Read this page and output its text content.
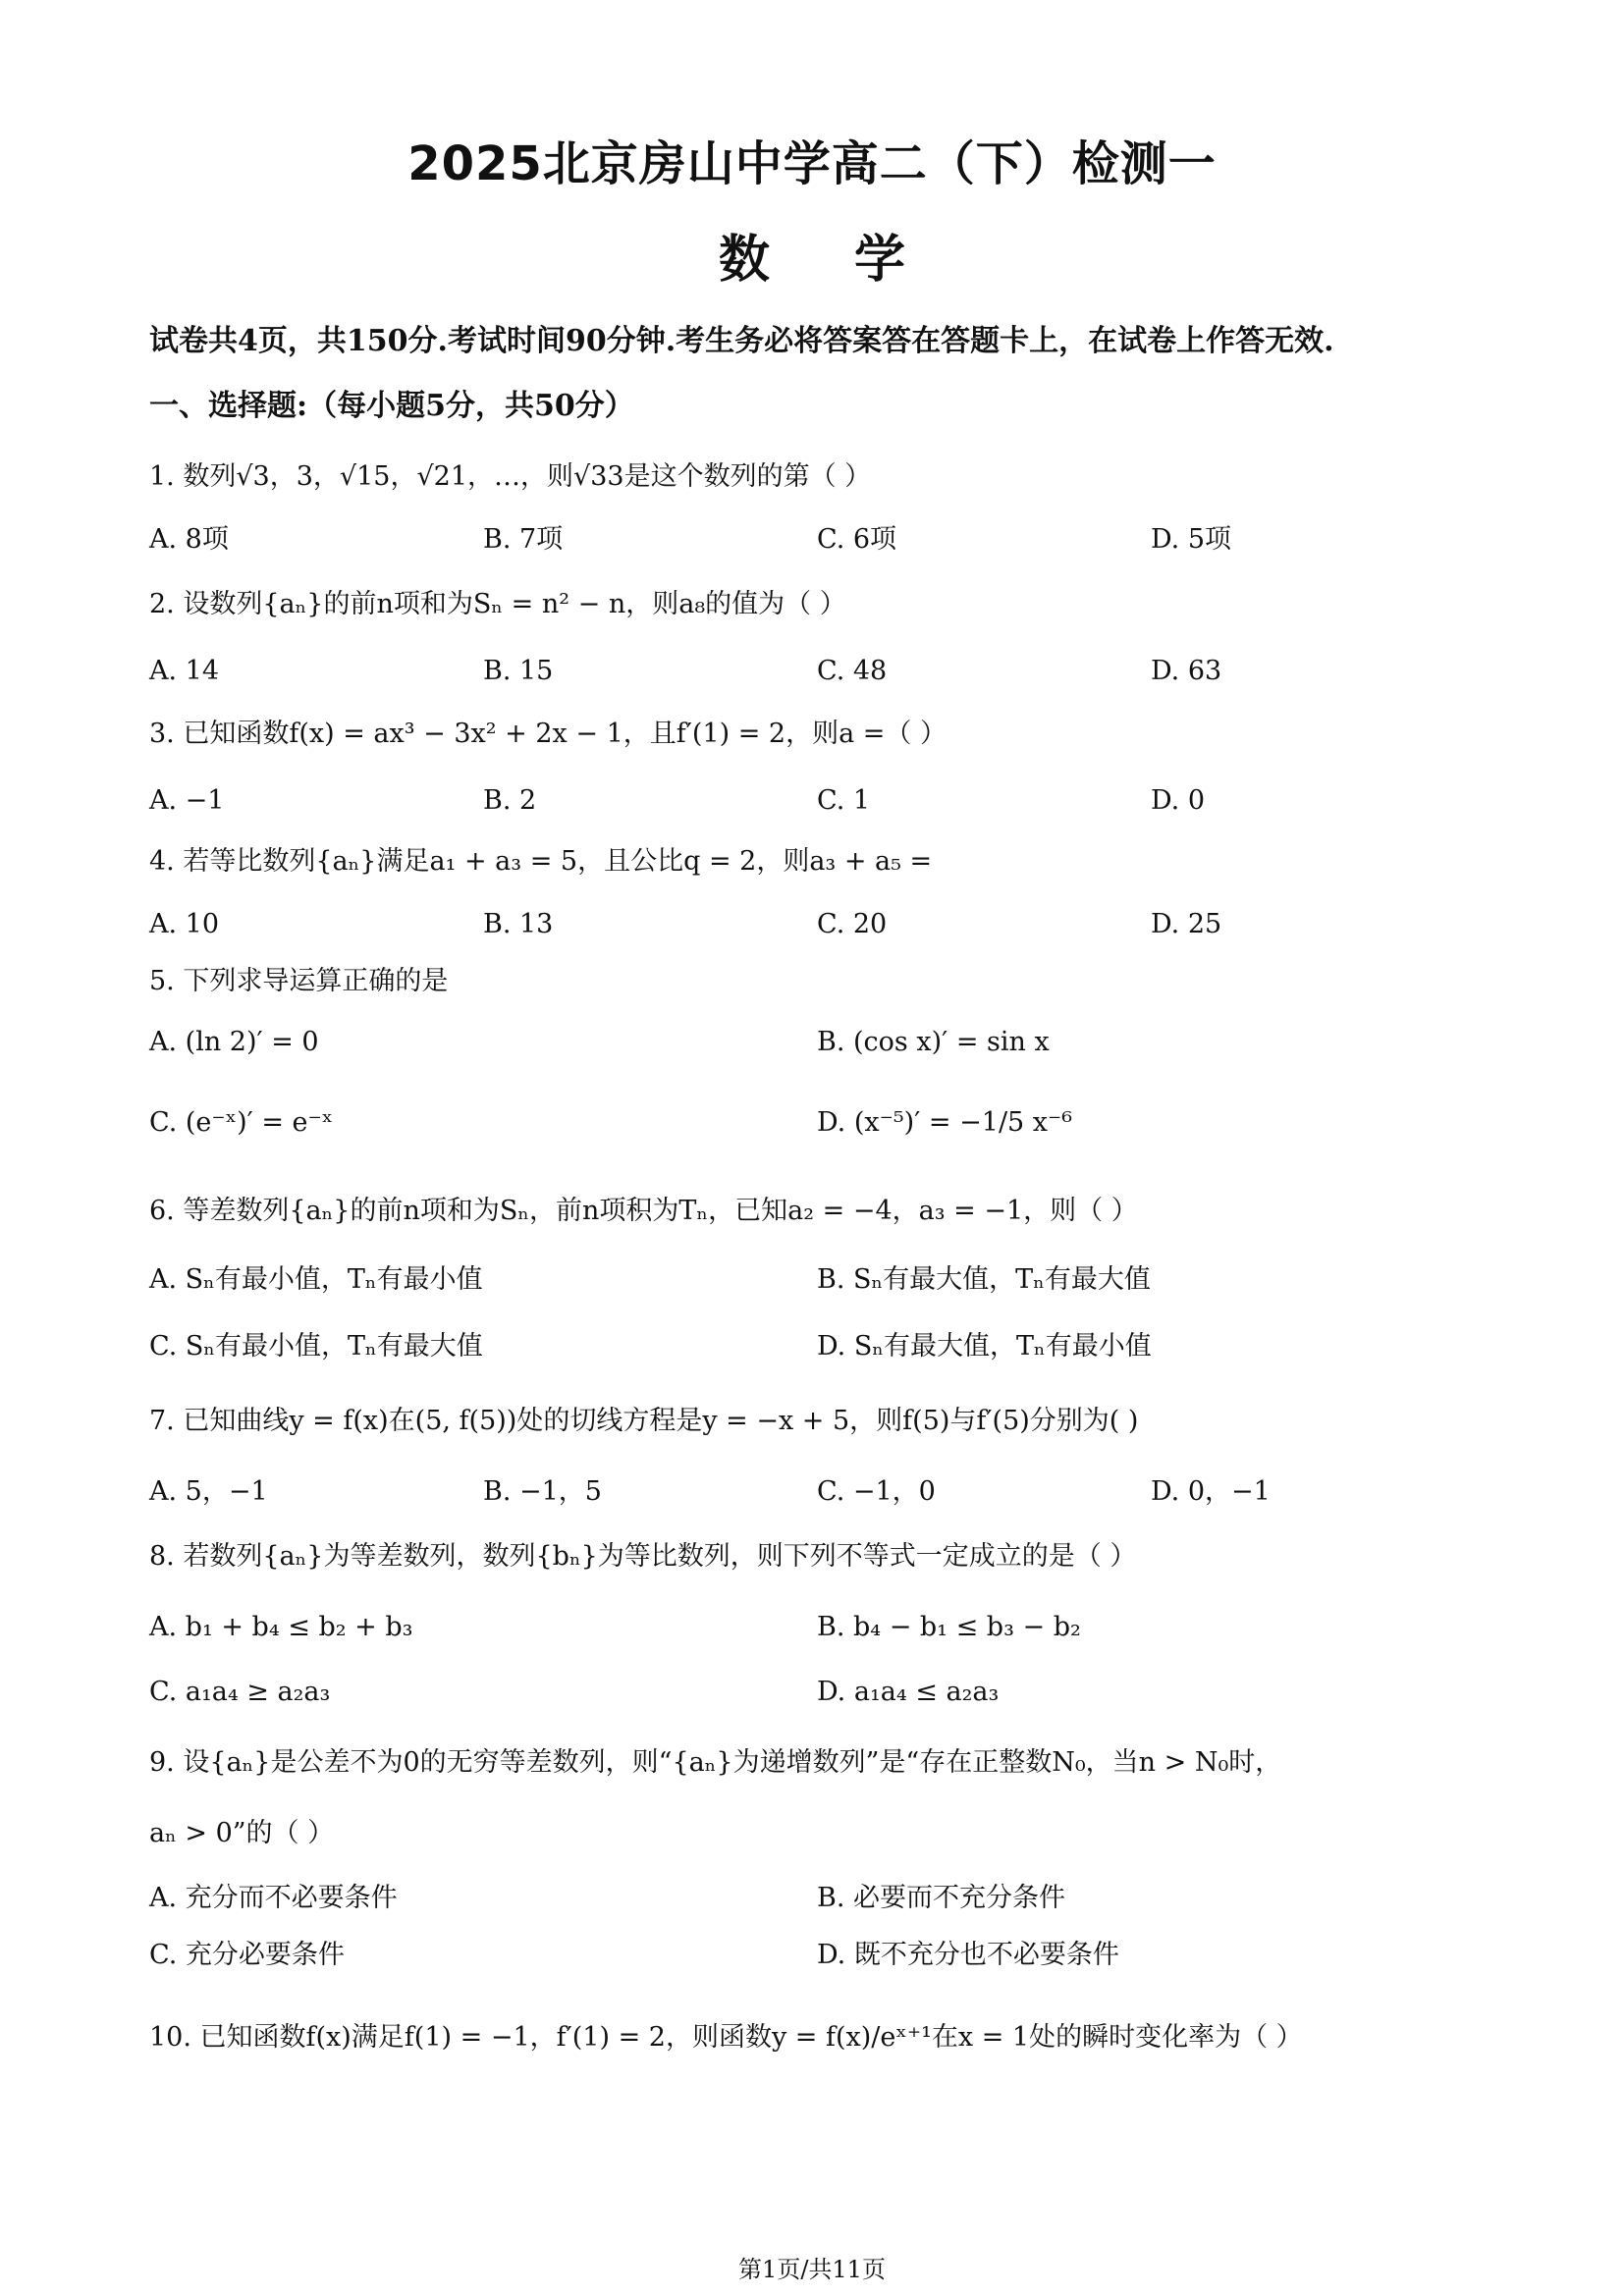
2025北京房山中学高二（下）检测一
数学
试卷共4页，共150分.考试时间90分钟.考生务必将答案答在答题卡上，在试卷上作答无效.
一、选择题:（每小题5分，共50分）
1. 数列√3，3，√15，√21，…，则√33是这个数列的第（ ）
A. 8项	B. 7项	C. 6项	D. 5项
2. 设数列{aₙ}的前n项和为Sₙ = n² − n，则a₈的值为（ ）
A. 14	B. 15	C. 48	D. 63
3. 已知函数f(x) = ax³ − 3x² + 2x − 1，且f′(1) = 2，则a =（ ）
A. −1	B. 2	C. 1	D. 0
4. 若等比数列{aₙ}满足a₁ + a₃ = 5，且公比q = 2，则a₃ + a₅ =
A. 10	B. 13	C. 20	D. 25
5. 下列求导运算正确的是
A. (ln 2)′ = 0	B. (cos x)′ = sin x
C. (e⁻ˣ)′ = e⁻ˣ	D. (x⁻⁵)′ = −1/5 x⁻⁶
6. 等差数列{aₙ}的前n项和为Sₙ，前n项积为Tₙ，已知a₂ = −4，a₃ = −1，则（ ）
A. Sₙ有最小值，Tₙ有最小值	B. Sₙ有最大值，Tₙ有最大值
C. Sₙ有最小值，Tₙ有最大值	D. Sₙ有最大值，Tₙ有最小值
7. 已知曲线y = f(x)在(5, f(5))处的切线方程是y = −x + 5，则f(5)与f′(5)分别为( )
A. 5，−1	B. −1，5	C. −1，0	D. 0，−1
8. 若数列{aₙ}为等差数列，数列{bₙ}为等比数列，则下列不等式一定成立的是（ ）
A. b₁ + b₄ ≤ b₂ + b₃	B. b₄ − b₁ ≤ b₃ − b₂
C. a₁a₄ ≥ a₂a₃	D. a₁a₄ ≤ a₂a₃
9. 设{aₙ}是公差不为0的无穷等差数列，则“{aₙ}为递增数列”是“存在正整数N₀，当n > N₀时，
aₙ > 0”的（ ）
A. 充分而不必要条件	B. 必要而不充分条件
C. 充分必要条件	D. 既不充分也不必要条件
10. 已知函数f(x)满足f(1) = −1，f′(1) = 2，则函数y = f(x)/eˣ⁺¹在x = 1处的瞬时变化率为（ ）
第1页/共11页
